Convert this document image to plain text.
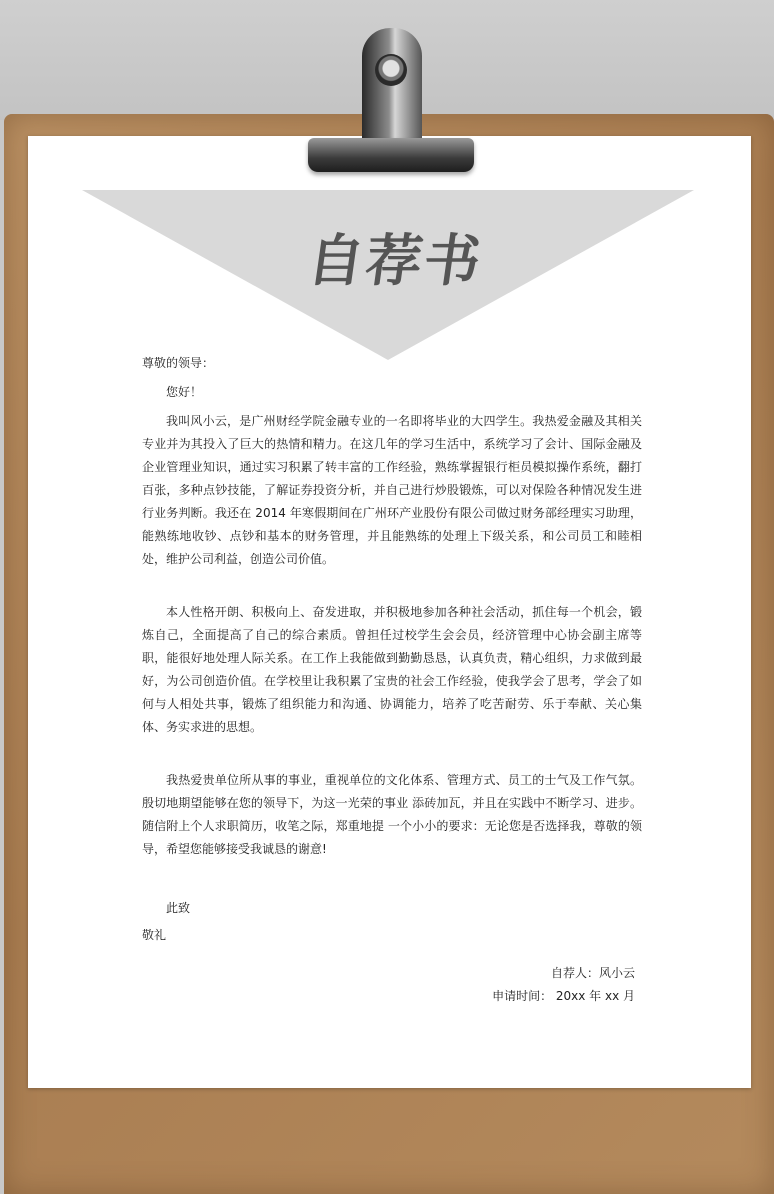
自荐书

尊敬的领导：

您好！

我叫风小云，是广州财经学院金融专业的一名即将毕业的大四学生。我热爱金融及其相关专业并为其投入了巨大的热情和精力。在这几年的学习生活中，系统学习了会计、国际金融及企业管理业知识，通过实习积累了转丰富的工作经验，熟练掌握银行柜员模拟操作系统，翻打百张，多种点钞技能，了解证券投资分析，并自己进行炒股锻炼，可以对保险各种情况发生进行业务判断。我还在 2014 年寒假期间在广州环产业股份有限公司做过财务部经理实习助理，能熟练地收钞、点钞和基本的财务管理，并且能熟练的处理上下级关系，和公司员工和睦相处，维护公司利益，创造公司价值。

本人性格开朗、积极向上、奋发进取，并积极地参加各种社会活动，抓住每一个机会，锻炼自己，全面提高了自己的综合素质。曾担任过校学生会会员，经济管理中心协会副主席等职，能很好地处理人际关系。在工作上我能做到勤勤恳恳，认真负责，精心组织，力求做到最好，为公司创造价值。在学校里让我积累了宝贵的社会工作经验，使我学会了思考，学会了如何与人相处共事，锻炼了组织能力和沟通、协调能力，培养了吃苦耐劳、乐于奉献、关心集体、务实求进的思想。

我热爱贵单位所从事的事业，重视单位的文化体系、管理方式、员工的士气及工作气氛。殷切地期望能够在您的领导下，为这一光荣的事业 添砖加瓦，并且在实践中不断学习、进步。随信附上个人求职简历，收笔之际，郑重地提 一个小小的要求：无论您是否选择我，尊敬的领导，希望您能够接受我诚恳的谢意!

此致

敬礼

自荐人：风小云
申请时间： 20xx 年 xx 月
